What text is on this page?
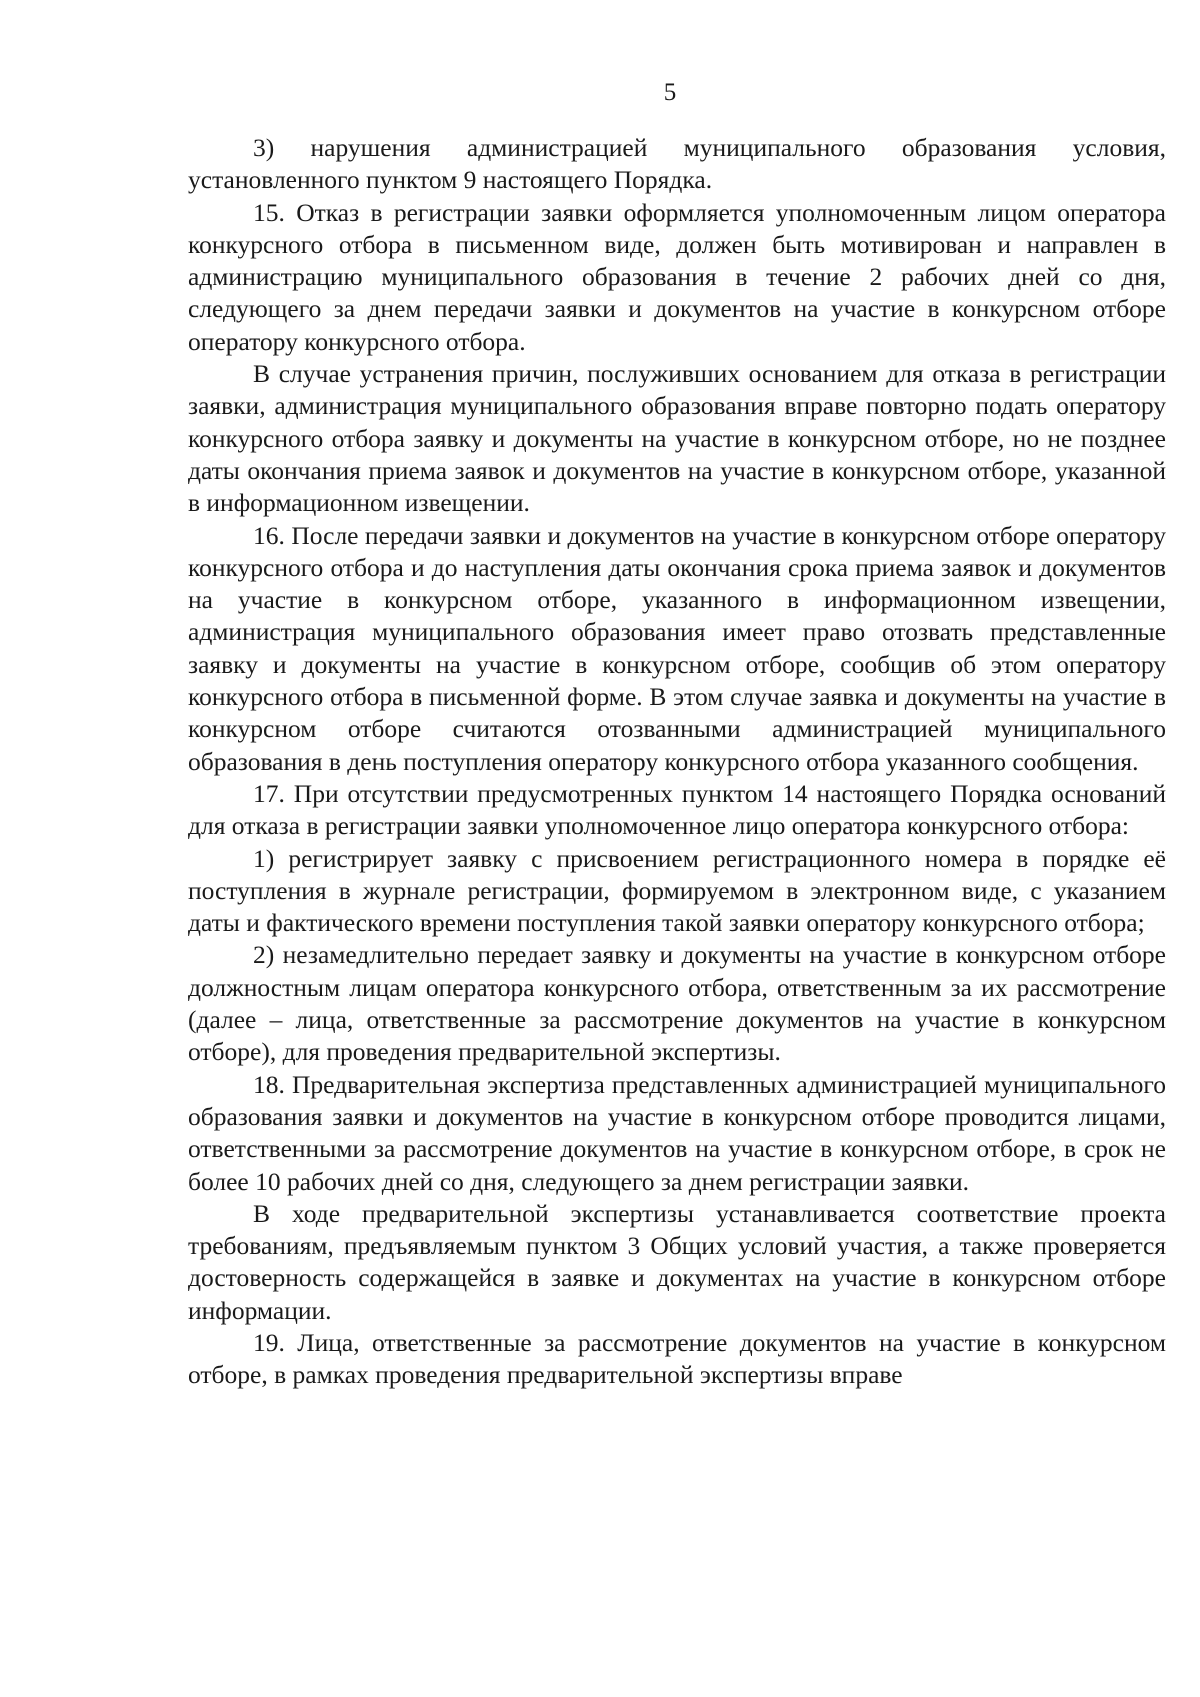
5

3) нарушения администрацией муниципального образования условия, установленного пунктом 9 настоящего Порядка.

15. Отказ в регистрации заявки оформляется уполномоченным лицом оператора конкурсного отбора в письменном виде, должен быть мотивирован и направлен в администрацию муниципального образования в течение 2 рабочих дней со дня, следующего за днем передачи заявки и документов на участие в конкурсном отборе оператору конкурсного отбора.

В случае устранения причин, послуживших основанием для отказа в регистрации заявки, администрация муниципального образования вправе повторно подать оператору конкурсного отбора заявку и документы на участие в конкурсном отборе, но не позднее даты окончания приема заявок и документов на участие в конкурсном отборе, указанной в информационном извещении.

16. После передачи заявки и документов на участие в конкурсном отборе оператору конкурсного отбора и до наступления даты окончания срока приема заявок и документов на участие в конкурсном отборе, указанного в информационном извещении, администрация муниципального образования имеет право отозвать представленные заявку и документы на участие в конкурсном отборе, сообщив об этом оператору конкурсного отбора в письменной форме. В этом случае заявка и документы на участие в конкурсном отборе считаются отозванными администрацией муниципального образования в день поступления оператору конкурсного отбора указанного сообщения.

17. При отсутствии предусмотренных пунктом 14 настоящего Порядка оснований для отказа в регистрации заявки уполномоченное лицо оператора конкурсного отбора:

1) регистрирует заявку с присвоением регистрационного номера в порядке её поступления в журнале регистрации, формируемом в электронном виде, с указанием даты и фактического времени поступления такой заявки оператору конкурсного отбора;

2) незамедлительно передает заявку и документы на участие в конкурсном отборе должностным лицам оператора конкурсного отбора, ответственным за их рассмотрение (далее – лица, ответственные за рассмотрение документов на участие в конкурсном отборе), для проведения предварительной экспертизы.

18. Предварительная экспертиза представленных администрацией муниципального образования заявки и документов на участие в конкурсном отборе проводится лицами, ответственными за рассмотрение документов на участие в конкурсном отборе, в срок не более 10 рабочих дней со дня, следующего за днем регистрации заявки.

В ходе предварительной экспертизы устанавливается соответствие проекта требованиям, предъявляемым пунктом 3 Общих условий участия, а также проверяется достоверность содержащейся в заявке и документах на участие в конкурсном отборе информации.

19. Лица, ответственные за рассмотрение документов на участие в конкурсном отборе, в рамках проведения предварительной экспертизы вправе
